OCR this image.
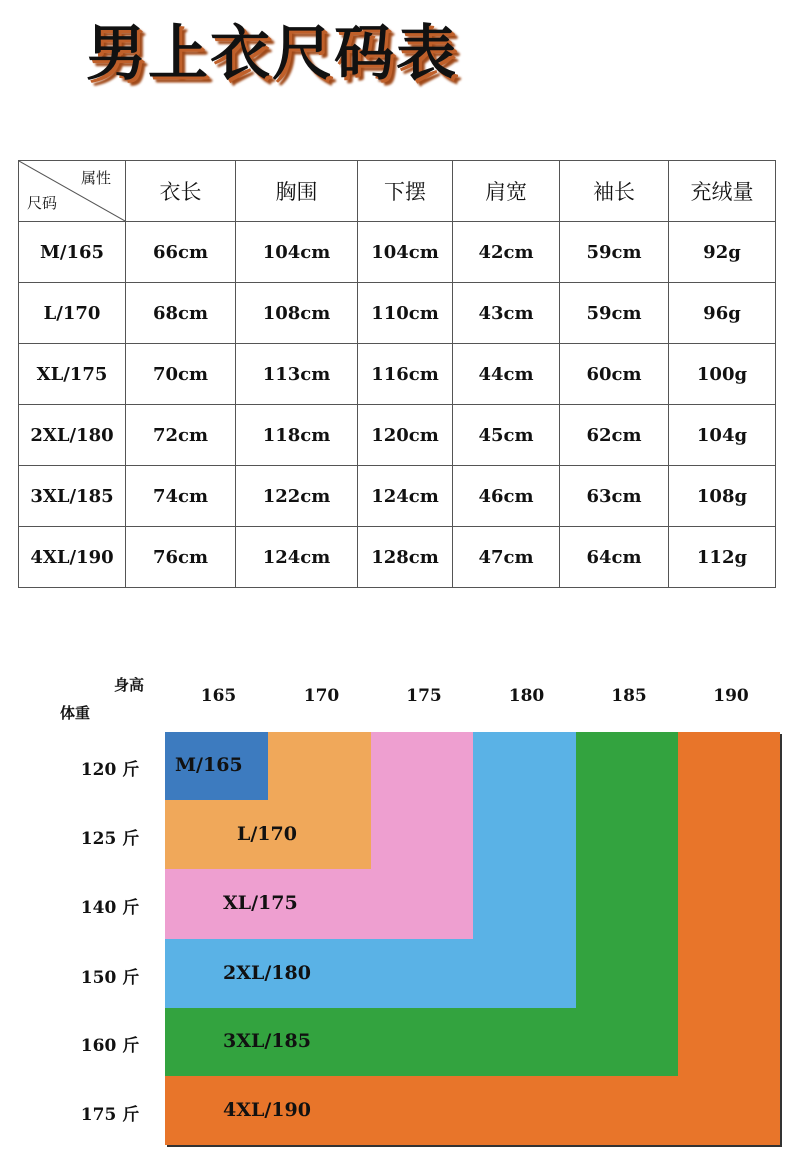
男上衣尺码表
属性
尺码	衣长	胸围	下摆	肩宽	袖长	充绒量
M/165	66cm	104cm	104cm	42cm	59cm	92g
L/170	68cm	108cm	110cm	43cm	59cm	96g
XL/175	70cm	113cm	116cm	44cm	60cm	100g
2XL/180	72cm	118cm	120cm	45cm	62cm	104g
3XL/185	74cm	122cm	124cm	46cm	63cm	108g
4XL/190	76cm	124cm	128cm	47cm	64cm	112g
身高
体重
165	170	175	180	185	190
120 斤
125 斤
140 斤
150 斤
160 斤
175 斤
M/165
L/170
XL/175
2XL/180
3XL/185
4XL/190
